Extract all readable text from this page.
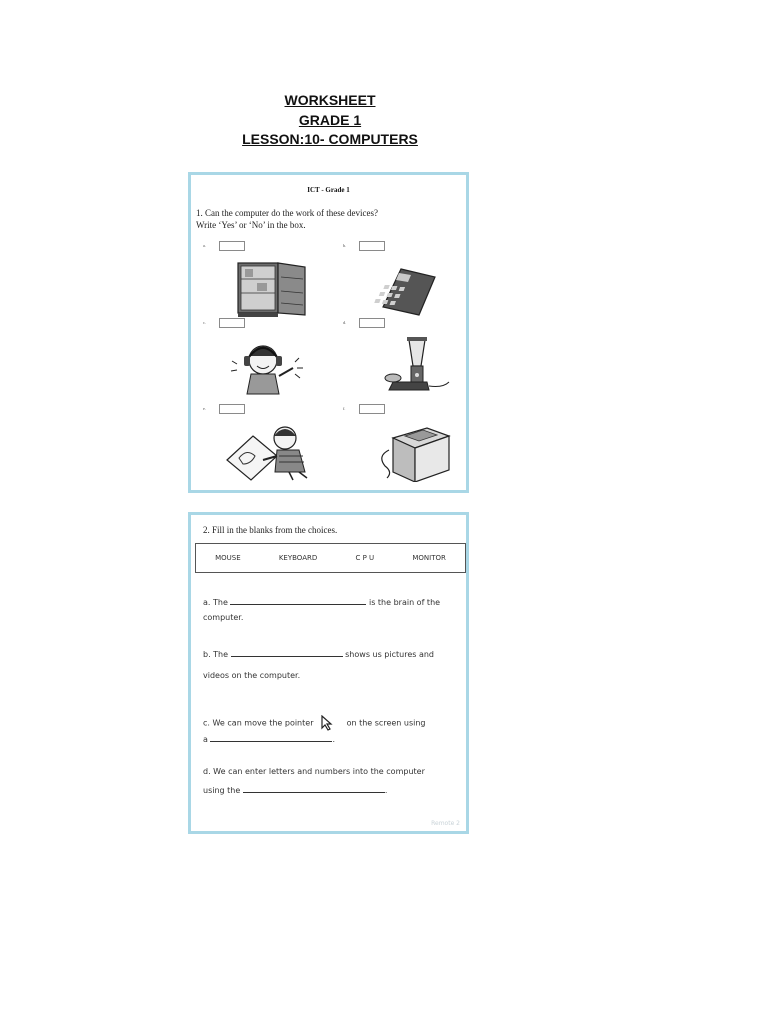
WORKSHEET
GRADE 1
LESSON:10- COMPUTERS
ICT - Grade 1
1. Can the computer do the work of these devices?
Write ‘Yes’ or ‘No’ in the box.
a.	b.
c.	d.
e.	f.
2. Fill in the blanks from the choices.
MOUSE	KEYBOARD	C P U	MONITOR
a. The	is the brain of the
computer.
b. The	shows us pictures and
videos on the computer.
c. We can move the pointer	on the screen using
a	.
d. We can enter letters and numbers into the computer
using the	.
Remote 2
